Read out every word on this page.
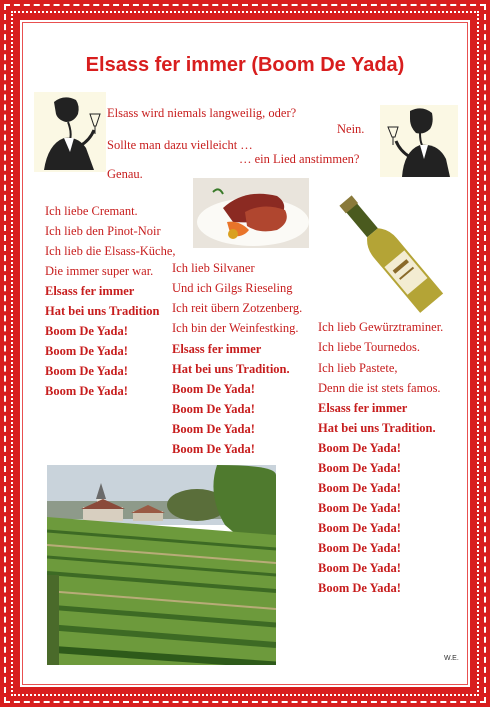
Elsass fer immer (Boom De Yada)
Elsass wird niemals langweilig, oder?
Nein.
Sollte man dazu vielleicht …
… ein Lied anstimmen?
Genau.
Ich liebe Cremant.
Ich lieb den Pinot-Noir
Ich lieb die Elsass-Küche,
Die immer super war.
Elsass fer immer
Hat bei uns Tradition
Boom De Yada!
Boom De Yada!
Boom De Yada!
Boom De Yada!
Ich lieb Silvaner
Und ich Gilgs Rieseling
Ich reit übern Zotzenberg.
Ich bin der Weinfestking.
Elsass fer immer
Hat bei uns Tradition.
Boom De Yada!
Boom De Yada!
Boom De Yada!
Boom De Yada!
Ich lieb Gewürztraminer.
Ich liebe Tournedos.
Ich lieb Pastete,
Denn die ist stets famos.
Elsass fer immer
Hat bei uns Tradition.
Boom De Yada!
Boom De Yada!
Boom De Yada!
Boom De Yada!
Boom De Yada!
Boom De Yada!
Boom De Yada!
Boom De Yada!
W.E.
